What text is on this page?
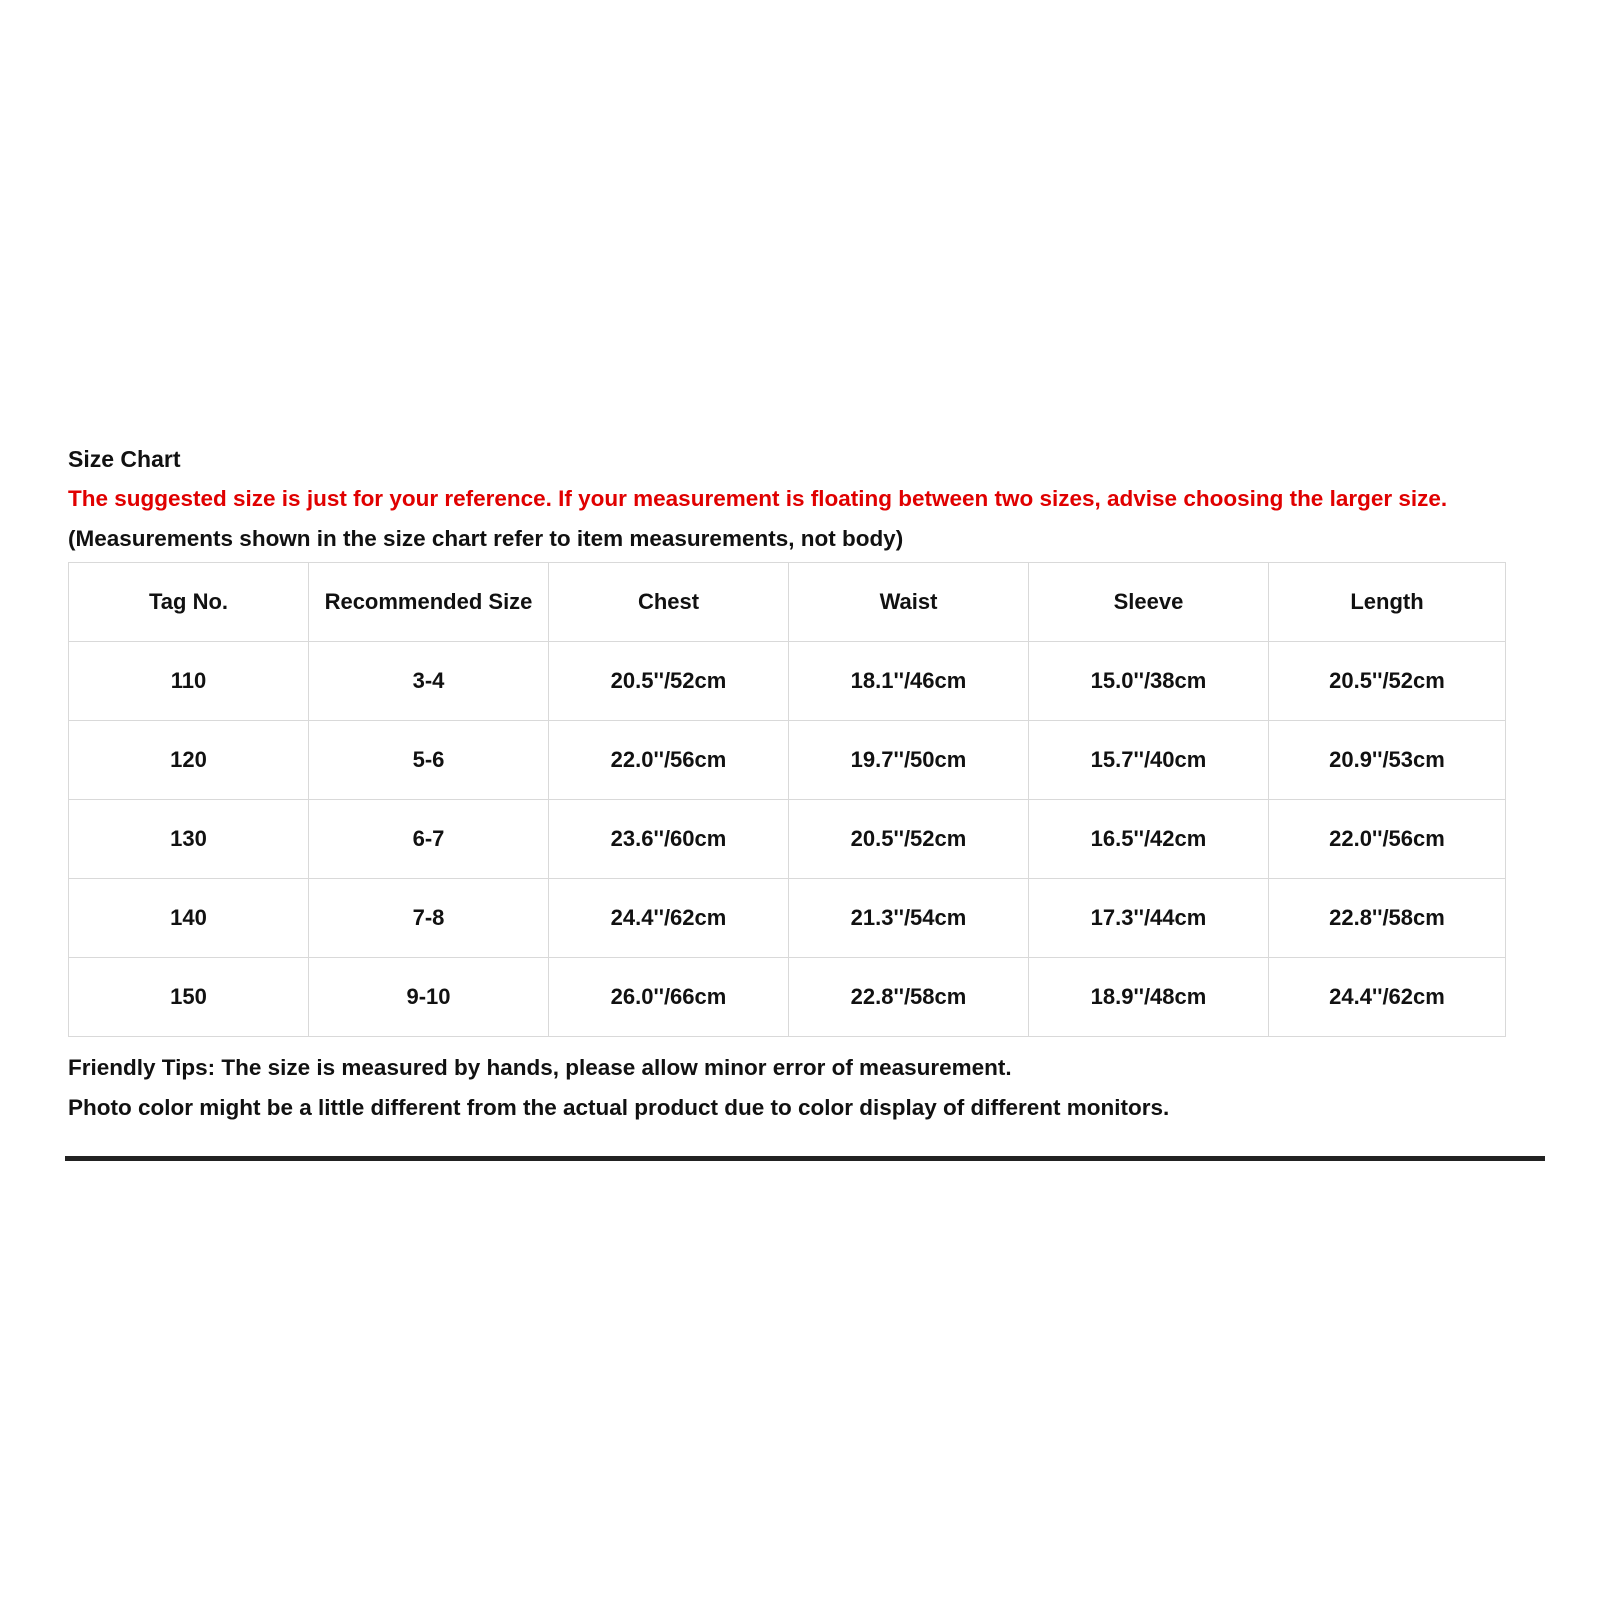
Size Chart
The suggested size is just for your reference. If your measurement is floating between two sizes, advise choosing the larger size.
(Measurements shown in the size chart refer to item measurements, not body)
Tag No.	Recommended Size	Chest	Waist	Sleeve	Length
110	3-4	20.5''/52cm	18.1''/46cm	15.0''/38cm	20.5''/52cm
120	5-6	22.0''/56cm	19.7''/50cm	15.7''/40cm	20.9''/53cm
130	6-7	23.6''/60cm	20.5''/52cm	16.5''/42cm	22.0''/56cm
140	7-8	24.4''/62cm	21.3''/54cm	17.3''/44cm	22.8''/58cm
150	9-10	26.0''/66cm	22.8''/58cm	18.9''/48cm	24.4''/62cm
Friendly Tips: The size is measured by hands, please allow minor error of measurement.
Photo color might be a little different from the actual product due to color display of different monitors.
